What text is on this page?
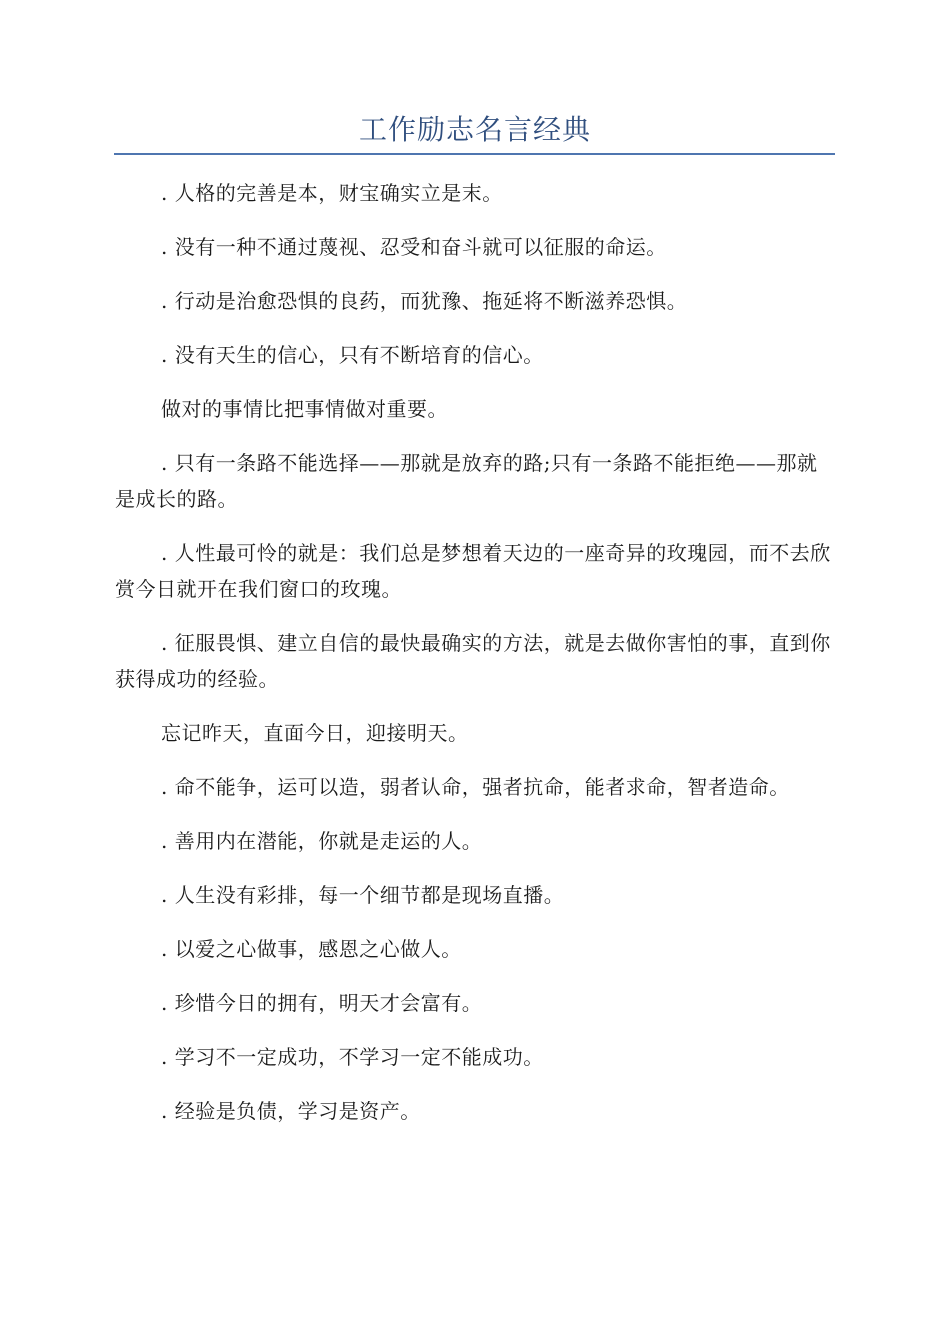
工作励志名言经典

. 人格的完善是本，财宝确实立是末。

. 没有一种不通过蔑视、忍受和奋斗就可以征服的命运。

. 行动是治愈恐惧的良药，而犹豫、拖延将不断滋养恐惧。

. 没有天生的信心，只有不断培育的信心。

做对的事情比把事情做对重要。

. 只有一条路不能选择——那就是放弃的路;只有一条路不能拒绝——那就是成长的路。

. 人性最可怜的就是：我们总是梦想着天边的一座奇异的玫瑰园，而不去欣赏今日就开在我们窗口的玫瑰。

. 征服畏惧、建立自信的最快最确实的方法，就是去做你害怕的事，直到你获得成功的经验。

忘记昨天，直面今日，迎接明天。

. 命不能争，运可以造，弱者认命，强者抗命，能者求命，智者造命。

. 善用内在潜能，你就是走运的人。

. 人生没有彩排，每一个细节都是现场直播。

. 以爱之心做事，感恩之心做人。

. 珍惜今日的拥有，明天才会富有。

. 学习不一定成功，不学习一定不能成功。

. 经验是负债，学习是资产。
